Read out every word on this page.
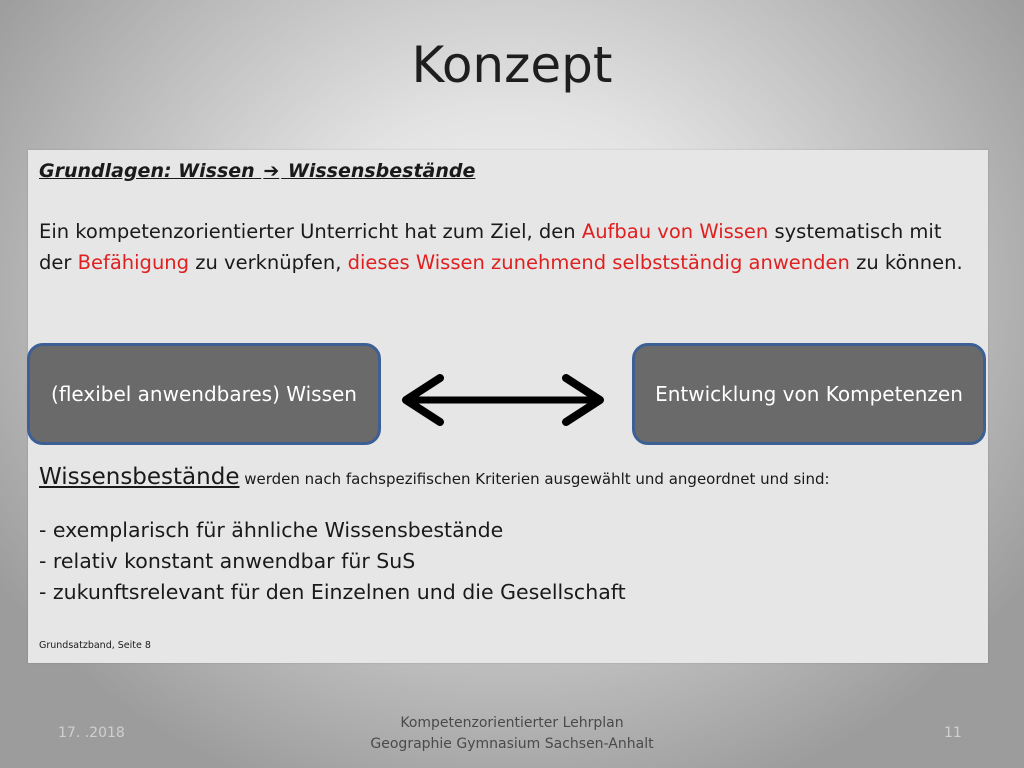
Konzept
Grundlagen: Wissen ➔ Wissensbestände
Ein kompetenzorientierter Unterricht hat zum Ziel, den Aufbau von Wissen systematisch mit der Befähigung zu verknüpfen, dieses Wissen zunehmend selbstständig anwenden zu können.
(flexibel anwendbares) Wissen	Entwicklung von Kompetenzen
Wissensbestände werden nach fachspezifischen Kriterien ausgewählt und angeordnet und sind:
- exemplarisch für ähnliche Wissensbestände
- relativ konstant anwendbar für SuS
- zukunftsrelevant für den Einzelnen und die Gesellschaft
Grundsatzband, Seite 8
17. .2018
Kompetenzorientierter Lehrplan
Geographie Gymnasium Sachsen-Anhalt
11
